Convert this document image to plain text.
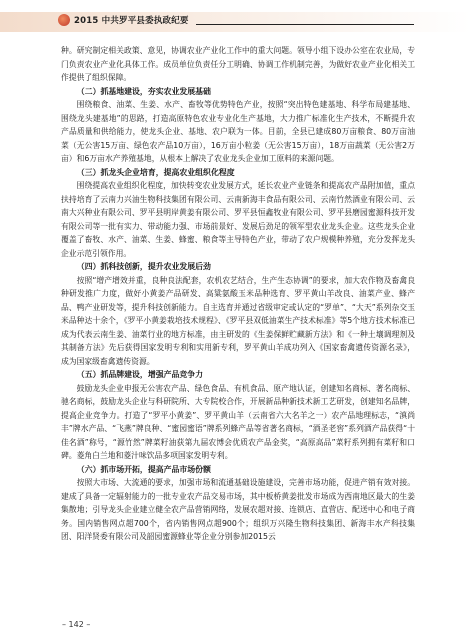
2015 中共罗平县委执政纪要

种。研究制定相关政策、意见，协调农业产业化工作中的重大问题。领导小组下设办公室在农业局，专门负责农业产业化具体工作。成员单位负责任分工明确、协调工作机制完善，为做好农业产业化相关工作提供了组织保障。

（二）抓基地建设，夯实农业发展基础

围绕粮食、油菜、生姜、水产、畜牧等优势特色产业，按照“突出特色建基地、科学布局建基地、围绕龙头建基地”的思路，打造高原特色农业专业化生产基地，大力推广标准化生产技术，不断提升农产品质量和供给能力，使龙头企业、基地、农户联为一体。目前，全县已建成80万亩粮食、80万亩油菜（无公害15万亩、绿色农产品10万亩），16万亩小粒姜（无公害15万亩），18万亩蔬菜（无公害2万亩）和6万亩水产养殖基地，从根本上解决了农业龙头企业加工原料的来源问题。

（三）抓龙头企业培育，提高农业组织化程度

围绕提高农业组织化程度，加快转变农业发展方式，延长农业产业链条和提高农产品附加值，重点扶持培育了云南力兴油生物科技集团有限公司、云南新海丰食品有限公司、云南竹然酒业有限公司、云南大兴种业有限公司、罗平县明岸黄姜有限公司、罗平县恒鑫牧业有限公司、罗平县磨园蜜源科技开发有限公司等一批有实力、带动能力强、市场前景好、发展后劲足的领军型农业龙头企业。这些龙头企业覆盖了畜牧、水产、油菜、生姜、蜂蜜、粮食等主导特色产业，带动了农户规模种养殖，充分发挥龙头企业示范引领作用。

（四）抓科技创新，提升农业发展后劲

按照“增产增效并重，良种良法配套，农机农艺结合，生产生态协调”的要求，加大农作物及畜禽良种研发推广力度，做好小黄姜产品研发、高粱氨酸玉米品种选育、罗平黄山羊改良、油菜产业、蜂产品、鸭产业研发等，提升科技创新能力。自主选育并通过省级审定或认定的“罗单”、“大天”系列杂交玉米品种达十余个，《罗平小黄姜栽培技术规程》、《罗平县双低油菜生产技术标准》等5个地方技术标准已成为代表云南生姜、油菜行业的地方标准，由主研发的《生姜保鲜贮藏新方法》和《一种土壤调理剂及其制备方法》先后获得国家发明专利和实用新专利，罗平黄山羊成功列入《国家畜禽遗传资源名录》，成为国家级畜禽遗传资源。

（五）抓品牌建设，增强产品竞争力

鼓励龙头企业申报无公害农产品、绿色食品、有机食品、原产地认证，创建知名商标、著名商标、驰名商标，鼓励龙头企业与科研院所、大专院校合作，开展新品种新技术新工艺研发，创建知名品牌，提高企业竞争力。打造了“罗平小黄姜”、罗平黄山羊（云南省六大名羊之一）农产品地理标志，“滇尚丰”牌水产品、“飞燕”牌良种、“蜜园蜜语”牌系列蜂产品等省著名商标，“酒圣老窖”系列酒产品获得“十佳名酒”称号，“源竹然”牌菜籽油获第九届农博会优质农产品金奖，“高原高品”菜籽系列拥有菜籽和口碑。菱角白兰地和菱汁味饮品多项国家发明专利。

（六）抓市场开拓，提高产品市场份额

按照大市场、大流通的要求，加强市场和流通基础设施建设，完善市场功能，促进产销有效对接。建成了具备一定辐射能力的一批专业农产品交易市场，其中板桥黄姜批发市场成为西南地区最大的生姜集散地；引导龙头企业建立健全农产品营销网络，发展农超对接、连锁店、直营店、配送中心和电子商务。国内销售网点超700个，省内销售网点超900个；组织万兴隆生物科技集团、新海丰水产科技集团、阳洋贤委有限公司及韶园蜜源蜂业等企业分别参加2015云

– 142 –
